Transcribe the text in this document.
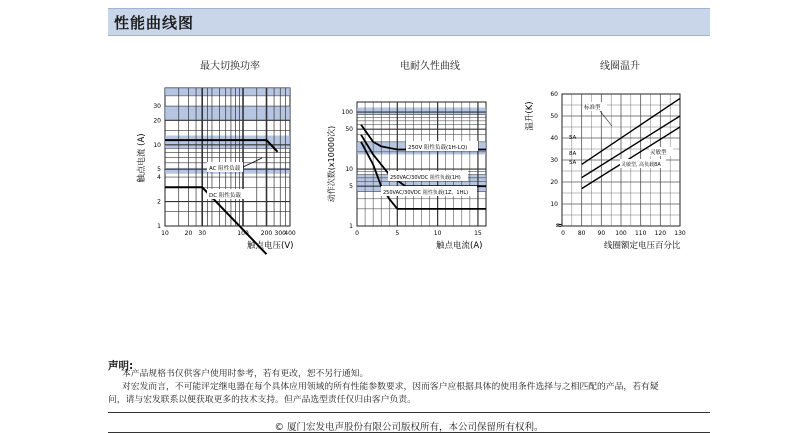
性能曲线图
最大切换功率	电耐久性曲线	线圈温升
AC 阻性负载
DC 阻性负载
10	20 30	100 200 300
400
1
2
4
5
10
20
30
触点电压(V)
触点电流 (A)	250V 阻性负载(1H-LQ)
250VAC/30VDC 阻性负载(1H)
250VAC/30VDC 阻性负载(1Z、1HL)
0	5	10	15
1
5
10
50
100
触点电流(A)
动作次数(x10000次)
≈
标准型
灵敏型
灵敏型, 高负载8A
5A
8A
5A
0 80 90 100 110 120 130
10
20
30
40
50
60
线圈额定电压百分比
温升(K)
声明:
本产品规格书仅供客户使用时参考，若有更改，恕不另行通知。
对宏发而言，不可能评定继电器在每个具体应用领域的所有性能参数要求，因而客户应根据具体的使用条件选择与之相匹配的产品，若有疑
问，请与宏发联系以便获取更多的技术支持。但产品选型责任仅归由客户负责。
© 厦门宏发电声股份有限公司版权所有，本公司保留所有权利。
